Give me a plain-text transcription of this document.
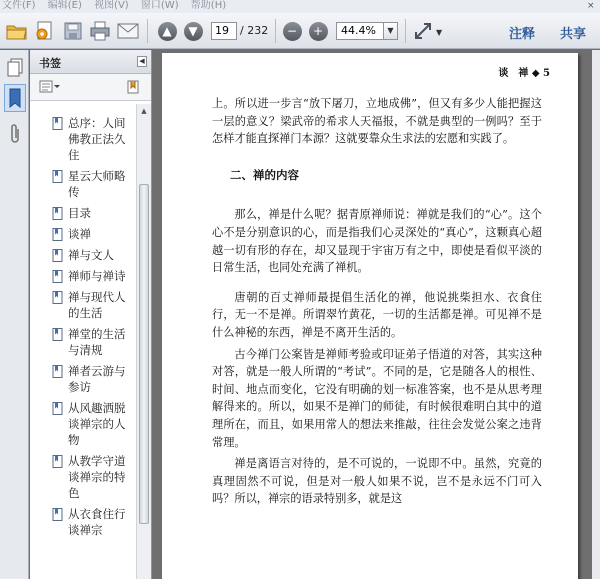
文件(F) 编辑(E) 视图(V) 窗口(W) 帮助(H)	×
▲	▼	19	/ 232	−	+	44.4%	▼	▼	注释 共享
书签	◀
总序：人间佛教正法久住
星云大师略传
目录
谈禅
禅与文人
禅师与禅诗
禅与现代人的生活
禅堂的生活与清规
禅者云游与参访
从风趣洒脱谈禅宗的人物
从教学守道谈禅宗的特色
从衣食住行谈禅宗
▲
谈　禅 ◆ 5

上。所以进一步言“放下屠刀，立地成佛”，但又有多少人能把握这一层的意义？梁武帝的希求人天福报，不就是典型的一例吗？至于怎样才能直探禅门本源？这就要靠众生求法的宏愿和实践了。

二、禅的内容

那么，禅是什么呢？据青原禅师说：禅就是我们的“心”。这个心不是分别意识的心，而是指我们心灵深处的“真心”，这颗真心超越一切有形的存在，却又显现于宇宙万有之中，即使是看似平淡的日常生活，也同处充满了禅机。

唐朝的百丈禅师最提倡生活化的禅，他说挑柴担水、衣食住行，无一不是禅。所谓翠竹黄花，一切的生活都是禅。可见禅不是什么神秘的东西，禅是不离开生活的。

古今禅门公案皆是禅师考验或印证弟子悟道的对答，其实这种对答，就是一般人所谓的“考试”。不同的是，它是随各人的根性、时间、地点而变化，它没有明确的划一标准答案，也不是从思考理解得来的。所以，如果不是禅门的师徒，有时候很难明白其中的道理所在，而且，如果用常人的想法来推敲，往往会发觉公案之违背常理。

禅是离语言对待的，是不可说的，一说即不中。虽然，究竟的真理固然不可说，但是对一般人如果不说，岂不是永远不门可入吗？所以，禅宗的语录特别多，就是这
